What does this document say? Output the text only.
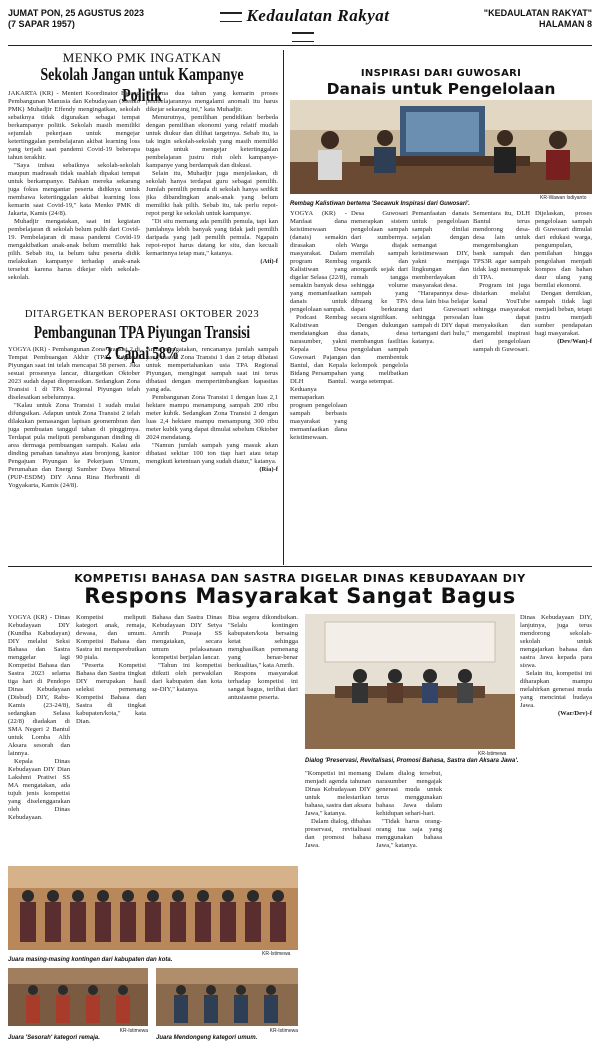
JUMAT PON, 25 AGUSTUS 2023
(7 SAPAR 1957)	Kedaulatan Rakyat	"KEDAULATAN RAKYAT"
HALAMAN 8
MENKO PMK INGATKAN
Sekolah Jangan untuk Kampanye Politik

JAKARTA (KR) - Menteri Koordinator Bidang Pembangunan Manusia dan Kebudayaan (Menko PMK) Muhadjir Effendy mengingatkan, sekolah sebaiknya tidak digunakan sebagai tempat berkampanye politik. Sekolah masih memiliki sejumlah pekerjaan untuk mengejar ketertinggalan pembelajaran akibat learning loss yang terjadi saat pandemi Covid-19 beberapa tahun terakhir.

"Saya imbau sebaiknya sekolah-sekolah maupun madrasah tidak usahlah dipakai tempat untuk berkampanye. Bahkan mereka sekarang juga fokus mengantar peserta didiknya untuk membawa ketertinggalan akibat learning loss kemarin saat Covid-19," kata Menko PMK di Jakarta, Kamis (24/8).

Muhadjir mengatakan, saat ini kegiatan pembelajaran di sekolah belum pulih dari Covid-19. Pembelajaran di masa pandemi Covid-19 mengakibatkan anak-anak belum memiliki hak pilih. Sebab itu, ia belum tahu peserta didik melakukan kampanye terhadap anak-anak tersebut karena harus dikejar oleh sekolah-sekolah.

"Selama dua tahun yang kemarin proses pembelajarannya mengalami anomali itu harus dikejar sekarang ini," kata Muhadjir.

Menurutnya, pemilihan pendidikan berbeda dengan pemilihan ekonomi yang relatif mudah untuk diukur dan dilihat targetnya. Sebab itu, ia tak ingin sekolah-sekolah yang masih memiliki tugas untuk mengejar ketertinggalan pembelajaran justru riuh oleh kampanye-kampanye yang berdampak dan diskusi.

Selain itu, Muhadjir juga menjelaskan, di sekolah hanya terdapat guru sebagai pemilih. Jumlah pemilih pemula di sekolah hanya sedikit jika dibandingkan anak-anak yang belum memiliki hak pilih. Sebab itu, tak perlu repot-repot pergi ke sekolah untuk kampanye.

"Di situ memang ada pemilih pemula, tapi kan jumlahnya lebih banyak yang tidak jadi pemilih daripada yang jadi pemilih pemula. Ngapain repot-repot harus datang ke situ, dan kecuali kemarinnya tetap mau," katanya.

(Ati)-f

DITARGETKAN BEROPERASI OKTOBER 2023
Pembangunan TPA Piyungan Transisi 2 Capai 58%

YOGYA (KR) - Pembangunan Zona Transisi 2 di Tempat Pembuangan Akhir (TPA) Regional Piyungan saat ini telah mencapai 58 persen. Jika sesuai prosesnya lancar, ditargetkan Oktober 2023 sudah dapat dioperasikan. Sedangkan Zona Transisi 1 di TPA Regional Piyungan telah diselesaikan sebelumnya.

"Kalau untuk Zona Transisi 1 sudah mulai difungsikan. Adapun untuk Zona Transisi 2 telah dilakukan pemasangan lapisan geomembran dan juga pembuatan tanggul tahan di pinggirnya. Terdapat pula meliputi pembangunan dinding di area dermaga pembuangan sampah. Kalau ada dinding penahan tanahnya atau bronjong, kantor Pengajuan Piyungan ke Pekerjaan Umum, Perumahan dan Energi Sumber Daya Mineral (PUP-ESDM) DIY Anna Rina Herbranti di Yogyakarta, Kamis (24/8).

Anna mengatakan, rencananya jumlah sampah yang masuk Zona Transisi 1 dan 2 tetap dibatasi untuk mempertahankan usia TPA Regional Piyungan, mengingat sampah saat ini terus dibatasi dengan mempertimbangkan kapasitas yang ada.

Pembangunan Zona Transisi 1 dengan luas 2,1 hektare mampu menampung sampah 200 ribu meter kubik. Sedangkan Zona Transisi 2 dengan luas 2,4 hektare mampu menampung 300 ribu meter kubik yang dapat dimulai sebelum Oktober 2024 mendatang.

"Namun jumlah sampah yang masuk akan dibatasi sekitar 100 ton tiap hari atau tetap mengikuti ketentuan yang sudah diatur," katanya.

(Ria)-f

INSPIRASI DARI GUWOSARI
Danais untuk Pengelolaan
KR-Wawan Isdiyanto
Rembag Kalistiwan bertema 'Secawuk Inspirasi dari Guwosari'.

YOGYA (KR) - Manfaat dana keistimewaan (danais) semakin dirasakan oleh masyarakat. Dalam program Rembag Kalistiwan yang digelar Selasa (22/8), semakin banyak desa yang memanfaatkan danais untuk pengelolaan sampah.

Podcast Rembag Kalistiwan mendatangkan dua narasumber, yakni Kepala Desa Guwosari Pajangan Bantul, dan Kepala Bidang Persampahan DLH Bantul. Keduanya memaparkan program pengelolaan sampah berbasis masyarakat yang memanfaatkan dana keistimewaan.

Desa Guwosari menerapkan sistem pengelolaan sampah dari sumbernya. Warga diajak memilah sampah organik dan anorganik sejak dari rumah tangga sehingga volume sampah yang dibuang ke TPA dapat berkurang secara signifikan.

Dengan dukungan danais, desa membangun fasilitas pengolahan sampah dan membentuk kelompok pengelola yang melibatkan warga setempat.

Pemanfaatan danais untuk pengelolaan sampah dinilai sejalan dengan semangat keistimewaan DIY, yakni menjaga lingkungan dan memberdayakan masyarakat desa.

"Harapannya desa-desa lain bisa belajar dari Guwosari sehingga persoalan sampah di DIY dapat tertangani dari hulu," katanya.

Sementara itu, DLH Bantul terus mendorong desa-desa lain untuk mengembangkan bank sampah dan TPS3R agar sampah tidak lagi menumpuk di TPA.

Program ini juga disiarkan melalui kanal YouTube sehingga masyarakat luas dapat menyaksikan dan mengambil inspirasi dari pengelolaan sampah di Guwosari.

Dijelaskan, proses pengelolaan sampah di Guwosari dimulai dari edukasi warga, pengumpulan, pemilahan hingga pengolahan menjadi kompos dan bahan daur ulang yang bernilai ekonomi.

Dengan demikian, sampah tidak lagi menjadi beban, tetapi justru menjadi sumber pendapatan bagi masyarakat.

(Dev/Wan)-f

KOMPETISI BAHASA DAN SASTRA DIGELAR DINAS KEBUDAYAAN DIY
Respons Masyarakat Sangat Bagus

YOGYA (KR) - Dinas Kebudayaan DIY (Kundha Kabudayan) DIY melalui Seksi Bahasa dan Sastra menggelar lagi Kompetisi Bahasa dan Sastra 2023 selama tiga hari di Pendopo Dinas Kebudayaan (Disbud) DIY, Rabu-Kamis (23-24/8), sedangkan Selasa (22/8) diadakan di SMA Negeri 2 Bantul untuk Lomba Alih Aksara sesorah dan lainnya.

Kepala Dinas Kebudayaan DIY Dian Lakshmi Pratiwi SS MA mengatakan, ada tujuh jenis kompetisi yang diselenggarakan oleh Dinas Kebudayaan.

Kompetisi meliputi kategori anak, remaja, dewasa, dan umum. Kompetisi Bahasa dan Sastra ini memperebutkan 90 piala.

"Peserta Kompetisi Bahasa dan Sastra tingkat DIY merupakan hasil seleksi pemenang Kompetisi Bahasa dan Sastra di tingkat kabupaten/kota," kata Dian.

Bahasa dan Sastra Dinas Kebudayaan DIY Setya Amrih Prasaja SS mengatakan, secara umum pelaksanaan kompetisi berjalan lancar.

"Tahun ini kompetisi diikuti oleh perwakilan dari kabupaten dan kota se-DIY," katanya.

Bisa segera dikondisikan. "Selalu kontingen kabupaten/kota bersaing ketat sehingga menghasilkan pemenang yang benar-benar berkualitas," kata Amrih.

Respons masyarakat terhadap kompetisi ini sangat bagus, terlihat dari antusiasme peserta.

KR-Istimewa
Dialog 'Preservasi, Revitalisasi, Promosi Bahasa, Sastra dan Aksara Jawa'.

"Kompetisi ini memang menjadi agenda tahunan Dinas Kebudayaan DIY untuk melestarikan bahasa, sastra dan aksara Jawa," katanya.

Dalam dialog, dibahas preservasi, revitalisasi dan promosi bahasa Jawa.

Dalam dialog tersebut, narasumber mengajak generasi muda untuk terus menggunakan bahasa Jawa dalam kehidupan sehari-hari.

"Tidak harus orang-orang tua saja yang menggunakan bahasa Jawa," katanya.

Dinas Kebudayaan DIY, lanjutnya, juga terus mendorong sekolah-sekolah untuk mengajarkan bahasa dan sastra Jawa kepada para siswa.

Selain itu, kompetisi ini diharapkan mampu melahirkan generasi muda yang mencintai budaya Jawa.

(War/Dev)-f

KR-Istimewa
Juara masing-masing kontingen dari kabupaten dan kota.
KR-Istimewa
Juara 'Sesorah' kategori remaja.
KR-Istimewa
Juara Mendongeng kategori umum.
